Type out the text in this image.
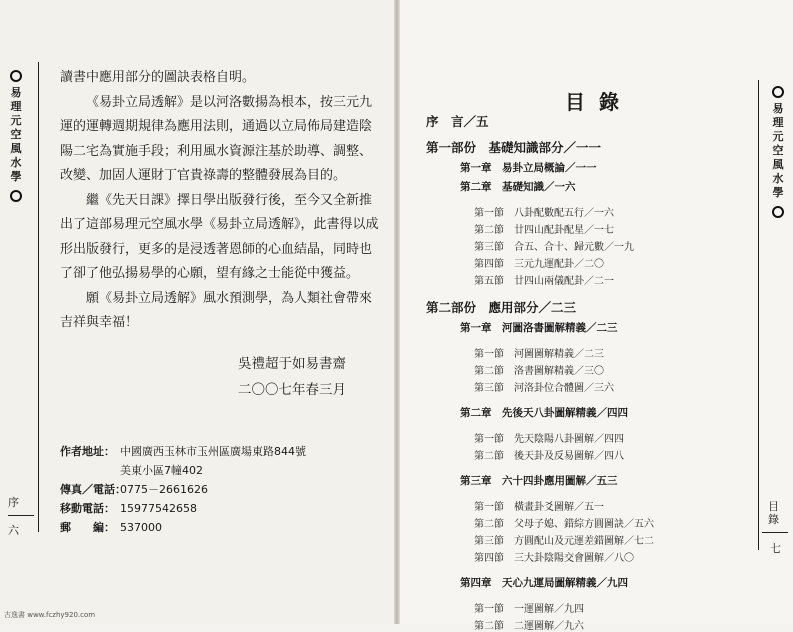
易
理
元
空
風
水
學
易
理
元
空
風
水
學

讀書中應用部分的圖訣表格自明。

《易卦立局透解》是以河洛數揚為根本，按三元九運的運轉週期規律為應用法則，通過以立局佈局建造陰陽二宅為實施手段；利用風水資源注基於助導、調整、改變、加固人運財丁官貴祿壽的整體發展為目的。

繼《先天日課》擇日學出版發行後，至今又全新推出了這部易理元空風水學《易卦立局透解》，此書得以成形出版發行，更多的是浸透著恩師的心血結晶，同時也了卻了他弘揚易學的心願，望有緣之士能從中獲益。

願《易卦立局透解》風水預測學，為人類社會帶來吉祥與幸福！

吳禮超于如易書齋
二〇〇七年春三月
作者地址： 中國廣西玉林市玉州區廣場東路844號
美東小區7幢402
傳真／電話：0775－2661626
移動電話： 15977542658
郵　　編： 537000
序
六
目錄
序　言／五
第一部份　基礎知識部分／一一
第一章　易卦立局概論／一一
第二章　基礎知識／一六
第一節　八卦配數配五行／一六
第二節　廿四山配卦配星／一七
第三節　合五、合十、歸元數／一九
第四節　三元九運配卦／二〇
第五節　廿四山兩儀配卦／二一
第二部份　應用部分／二三
第一章　河圖洛書圖解精義／二三
第一節　河圖圖解精義／二三
第二節　洛書圖解精義／三〇
第三節　河洛卦位合體圖／三六
第二章　先後天八卦圖解精義／四四
第一節　先天陰陽八卦圖解／四四
第二節　後天卦及反易圖解／四八
第三章　六十四卦應用圖解／五三
第一節　橫畫卦爻圖解／五一
第二節　父母子媳、錯綜方圓圖訣／五六
第三節　方圓配山及元運差錯圖解／七二
第四節　三大卦陰陽交會圖解／八〇
第四章　天心九運局圖解精義／九四
第一節　一運圖解／九四
第二節　二運圖解／九六
目錄
七
古逸書 www.fczhy920.com
